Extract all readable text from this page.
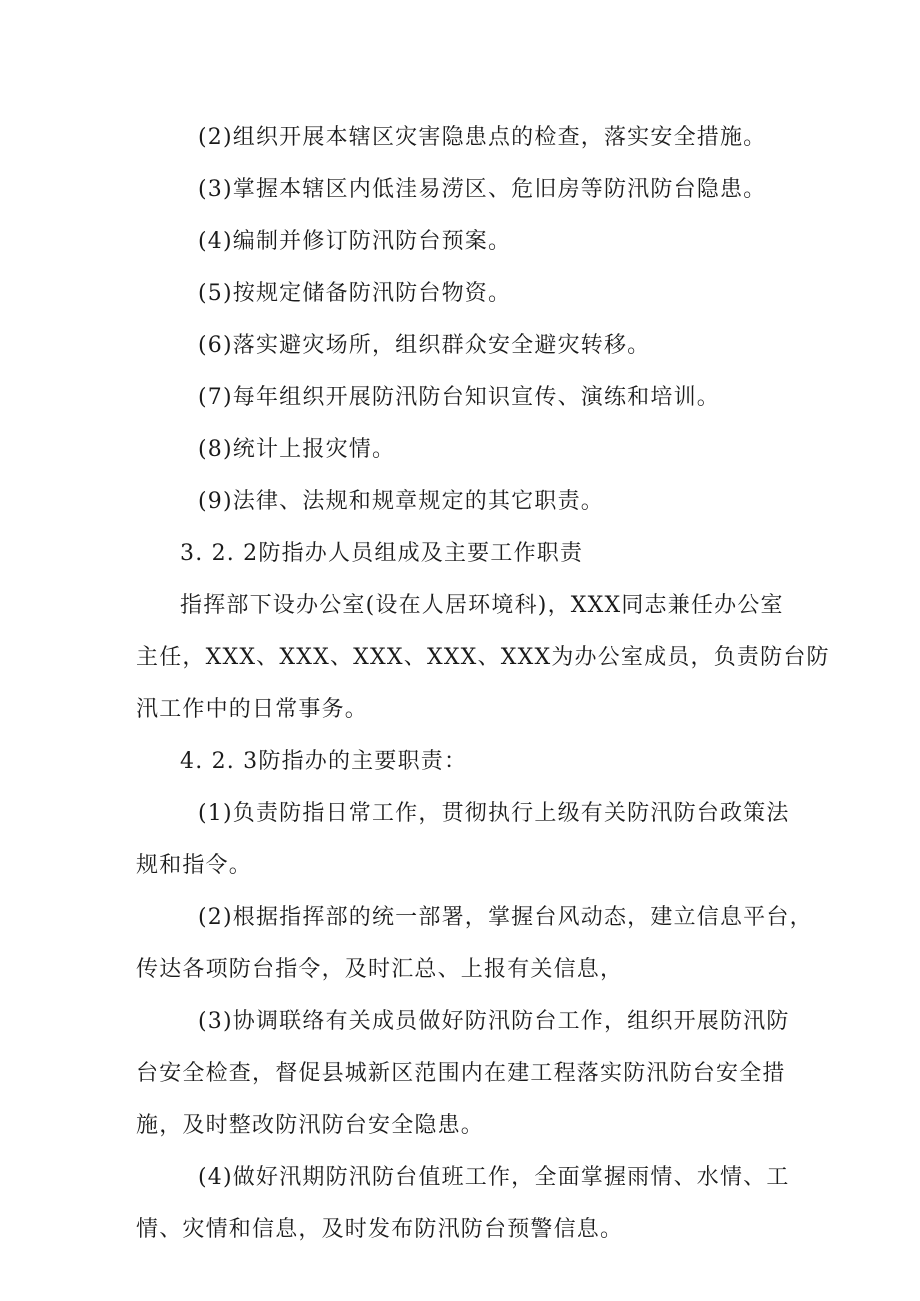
(2)组织开展本辖区灾害隐患点的检查，落实安全措施。
(3)掌握本辖区内低洼易涝区、危旧房等防汛防台隐患。
(4)编制并修订防汛防台预案。
(5)按规定储备防汛防台物资。
(6)落实避灾场所，组织群众安全避灾转移。
(7)每年组织开展防汛防台知识宣传、演练和培训。
(8)统计上报灾情。
(9)法律、法规和规章规定的其它职责。
3. 2. 2防指办人员组成及主要工作职责
指挥部下设办公室(设在人居环境科)，XXX同志兼任办公室
主任，XXX、XXX、XXX、XXX、XXX为办公室成员，负责防台防
汛工作中的日常事务。
4. 2. 3防指办的主要职责：
(1)负责防指日常工作，贯彻执行上级有关防汛防台政策法
规和指令。
(2)根据指挥部的统一部署，掌握台风动态，建立信息平台，
传达各项防台指令，及时汇总、上报有关信息，
(3)协调联络有关成员做好防汛防台工作，组织开展防汛防
台安全检查，督促县城新区范围内在建工程落实防汛防台安全措
施，及时整改防汛防台安全隐患。
(4)做好汛期防汛防台值班工作，全面掌握雨情、水情、工
情、灾情和信息，及时发布防汛防台预警信息。
